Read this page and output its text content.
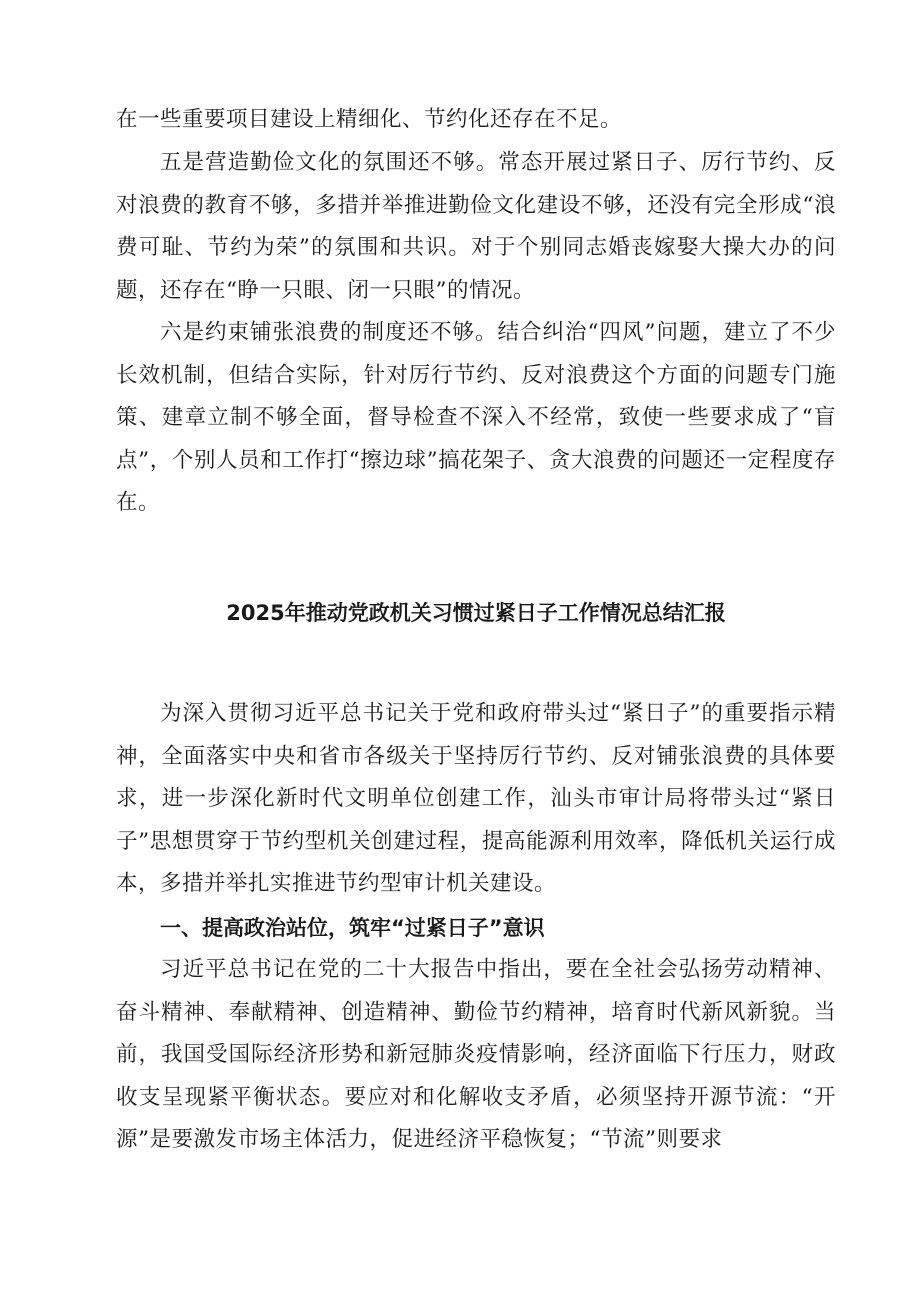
在一些重要项目建设上精细化、节约化还存在不足。

五是营造勤俭文化的氛围还不够。常态开展过紧日子、厉行节约、反对浪费的教育不够，多措并举推进勤俭文化建设不够，还没有完全形成“浪费可耻、节约为荣”的氛围和共识。对于个别同志婚丧嫁娶大操大办的问题，还存在“睁一只眼、闭一只眼”的情况。

六是约束铺张浪费的制度还不够。结合纠治“四风”问题，建立了不少长效机制，但结合实际，针对厉行节约、反对浪费这个方面的问题专门施策、建章立制不够全面，督导检查不深入不经常，致使一些要求成了“盲点”，个别人员和工作打“擦边球”搞花架子、贪大浪费的问题还一定程度存在。

2025年推动党政机关习惯过紧日子工作情况总结汇报

为深入贯彻习近平总书记关于党和政府带头过“紧日子”的重要指示精神，全面落实中央和省市各级关于坚持厉行节约、反对铺张浪费的具体要求，进一步深化新时代文明单位创建工作，汕头市审计局将带头过“紧日子”思想贯穿于节约型机关创建过程，提高能源利用效率，降低机关运行成本，多措并举扎实推进节约型审计机关建设。

一、提高政治站位，筑牢“过紧日子”意识

习近平总书记在党的二十大报告中指出，要在全社会弘扬劳动精神、奋斗精神、奉献精神、创造精神、勤俭节约精神，培育时代新风新貌。当前，我国受国际经济形势和新冠肺炎疫情影响，经济面临下行压力，财政收支呈现紧平衡状态。要应对和化解收支矛盾，必须坚持开源节流：“开源”是要激发市场主体活力，促进经济平稳恢复；“节流”则要求
